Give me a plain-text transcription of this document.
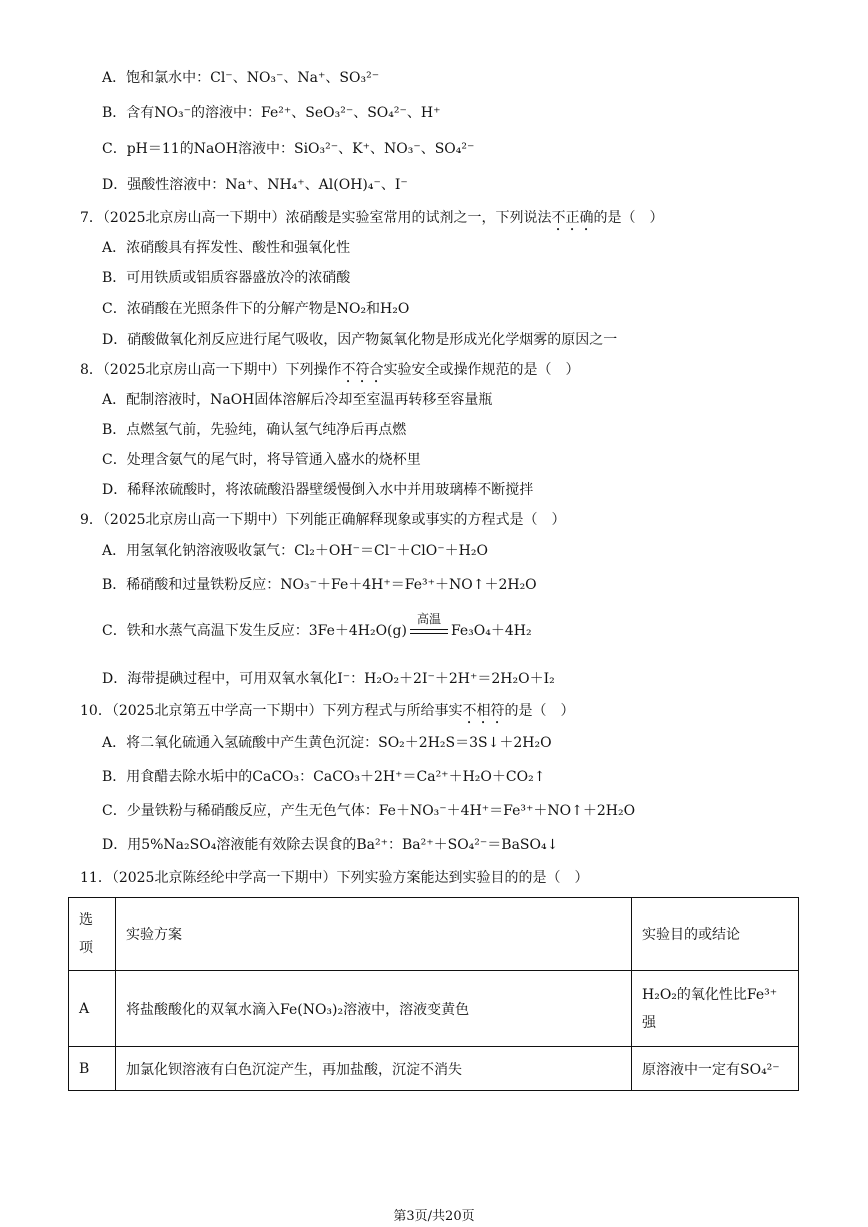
A．饱和氯水中：Cl⁻、NO₃⁻、Na⁺、SO₃²⁻
B．含有NO₃⁻的溶液中：Fe²⁺、SeO₃²⁻、SO₄²⁻、H⁺
C．pH＝11的NaOH溶液中：SiO₃²⁻、K⁺、NO₃⁻、SO₄²⁻
D．强酸性溶液中：Na⁺、NH₄⁺、Al(OH)₄⁻、I⁻
7．（2025北京房山高一下期中）浓硝酸是实验室常用的试剂之一，下列说法不正确的是（　）
A．浓硝酸具有挥发性、酸性和强氧化性
B．可用铁质或铝质容器盛放冷的浓硝酸
C．浓硝酸在光照条件下的分解产物是NO₂和H₂O
D．硝酸做氧化剂反应进行尾气吸收，因产物氮氧化物是形成光化学烟雾的原因之一
8．（2025北京房山高一下期中）下列操作不符合实验安全或操作规范的是（　）
A．配制溶液时，NaOH固体溶解后冷却至室温再转移至容量瓶
B．点燃氢气前，先验纯，确认氢气纯净后再点燃
C．处理含氨气的尾气时，将导管通入盛水的烧杯里
D．稀释浓硫酸时，将浓硫酸沿器壁缓慢倒入水中并用玻璃棒不断搅拌
9．（2025北京房山高一下期中）下列能正确解释现象或事实的方程式是（　）
A．用氢氧化钠溶液吸收氯气：Cl₂＋OH⁻＝Cl⁻＋ClO⁻＋H₂O
B．稀硝酸和过量铁粉反应：NO₃⁻＋Fe＋4H⁺＝Fe³⁺＋NO↑＋2H₂O
C．铁和水蒸气高温下发生反应：3Fe＋4H₂O(g)
高温
Fe₃O₄＋4H₂
D．海带提碘过程中，可用双氧水氧化I⁻：H₂O₂＋2I⁻＋2H⁺＝2H₂O＋I₂
10．（2025北京第五中学高一下期中）下列方程式与所给事实不相符的是（　）
A．将二氧化硫通入氢硫酸中产生黄色沉淀：SO₂＋2H₂S＝3S↓＋2H₂O
B．用食醋去除水垢中的CaCO₃：CaCO₃＋2H⁺＝Ca²⁺＋H₂O＋CO₂↑
C．少量铁粉与稀硝酸反应，产生无色气体：Fe＋NO₃⁻＋4H⁺＝Fe³⁺＋NO↑＋2H₂O
D．用5%Na₂SO₄溶液能有效除去误食的Ba²⁺：Ba²⁺＋SO₄²⁻＝BaSO₄↓
11．（2025北京陈经纶中学高一下期中）下列实验方案能达到实验目的的是（　）
选项	实验方案	实验目的或结论
A	将盐酸酸化的双氧水滴入Fe(NO₃)₂溶液中，溶液变黄色	H₂O₂的氧化性比Fe³⁺强
B	加氯化钡溶液有白色沉淀产生，再加盐酸，沉淀不消失	原溶液中一定有SO₄²⁻
第3页/共20页
